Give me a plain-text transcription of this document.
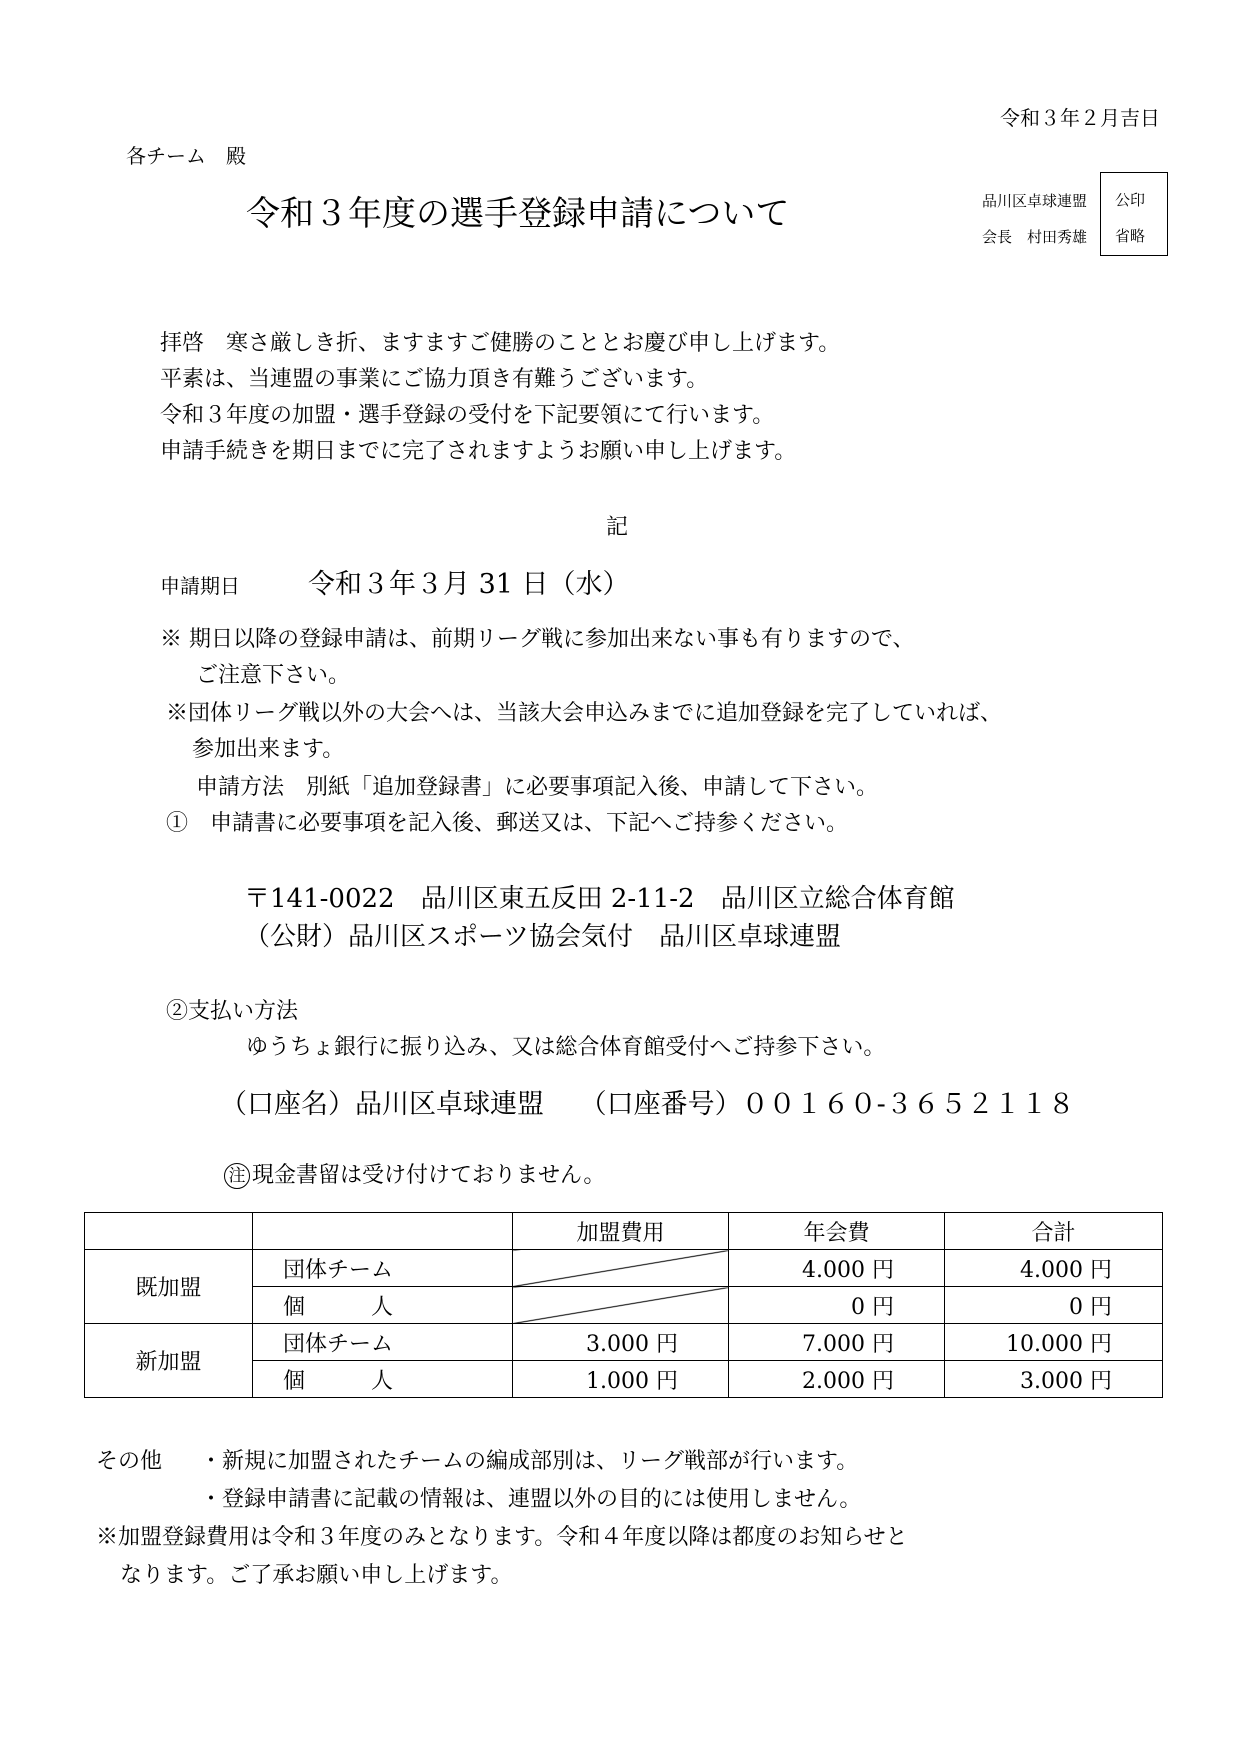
令和３年２月吉日
各チーム　殿
令和３年度の選手登録申請について	品川区卓球連盟
会長　村田秀雄
公印
省略
拝啓　寒さ厳しき折、ますますご健勝のこととお慶び申し上げます。
平素は、当連盟の事業にご協力頂き有難うございます。
令和３年度の加盟・選手登録の受付を下記要領にて行います。
申請手続きを期日までに完了されますようお願い申し上げます。
記
申請期日	令和３年３月 31 日（水）
※ 期日以降の登録申請は、前期リーグ戦に参加出来ない事も有りますので、
ご注意下さい。
※団体リーグ戦以外の大会へは、当該大会申込みまでに追加登録を完了していれば、
参加出来ます。
申請方法　別紙「追加登録書」に必要事項記入後、申請して下さい。
①　申請書に必要事項を記入後、郵送又は、下記へご持参ください。
〒141-0022　品川区東五反田 2-11-2　品川区立総合体育館
（公財）品川区スポーツ協会気付　品川区卓球連盟
②支払い方法
ゆうちょ銀行に振り込み、又は総合体育館受付へご持参下さい。
（口座名）品川区卓球連盟　 （口座番号）００１６０-３６５２１１８
注 現金書留は受け付けておりません。
		加盟費用	年会費	合計
既加盟	団体チーム		4.000 円	4.000 円
	個　　　人		0 円	0 円
新加盟	団体チーム	3.000 円	7.000 円	10.000 円
	個　　　人	1.000 円	2.000 円	3.000 円
その他 ・新規に加盟されたチームの編成部別は、リーグ戦部が行います。
・登録申請書に記載の情報は、連盟以外の目的には使用しません。
※加盟登録費用は令和３年度のみとなります。令和４年度以降は都度のお知らせと
なります。ご了承お願い申し上げます。
